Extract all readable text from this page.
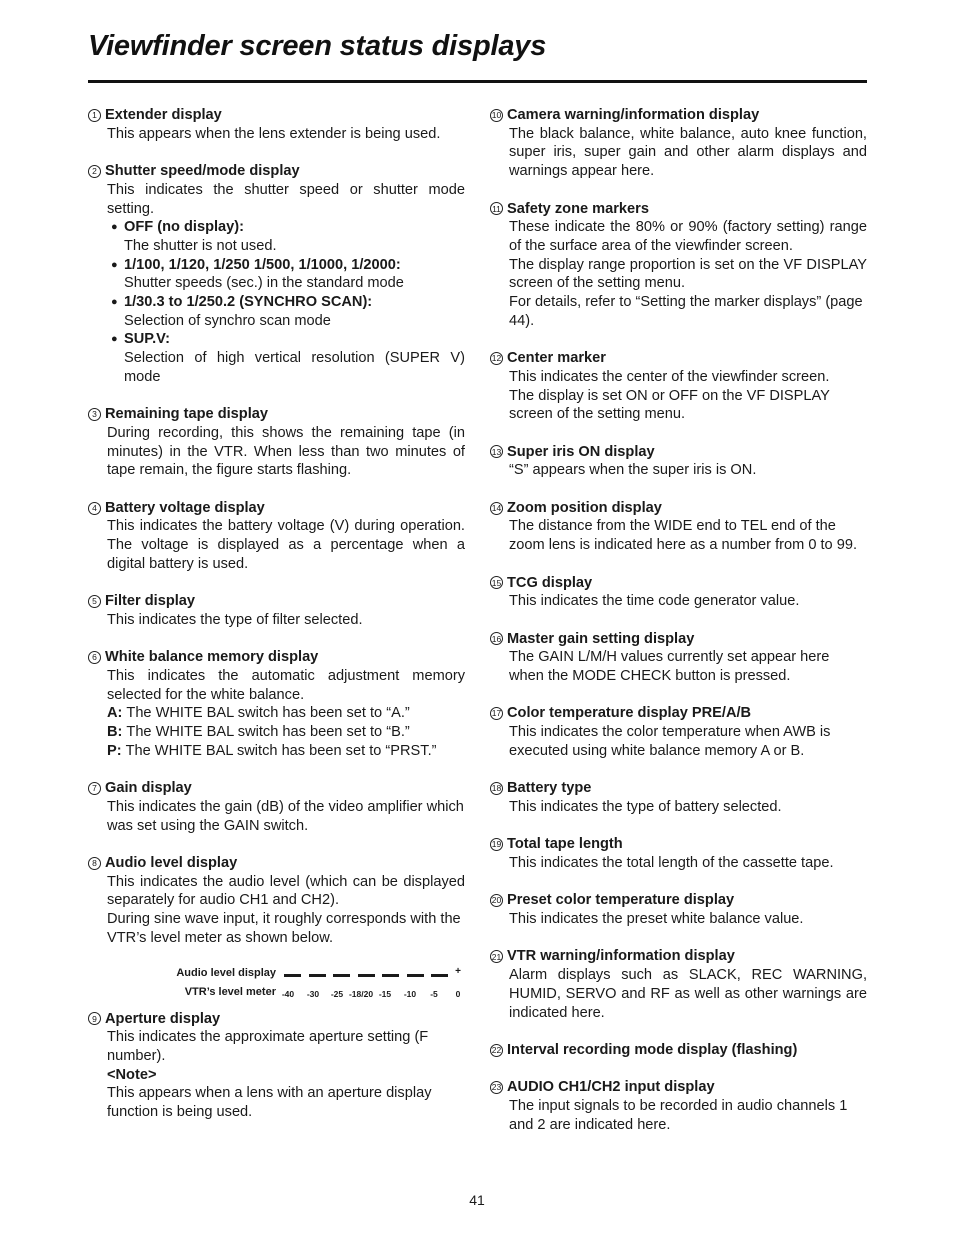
Viewfinder screen status displays
1 Extender display
This appears when the lens extender is being used.
2 Shutter speed/mode display
This indicates the shutter speed or shutter mode setting.
● OFF (no display):
The shutter is not used.
● 1/100, 1/120, 1/250 1/500, 1/1000, 1/2000:
Shutter speeds (sec.) in the standard mode
● 1/30.3 to 1/250.2 (SYNCHRO SCAN):
Selection of synchro scan mode
● SUP.V:
Selection of high vertical resolution (SUPER V) mode
3 Remaining tape display
During recording, this shows the remaining tape (in minutes) in the VTR. When less than two minutes of tape remain, the figure starts flashing.
4 Battery voltage display
This indicates the battery voltage (V) during operation. The voltage is displayed as a percentage when a digital battery is used.
5 Filter display
This indicates the type of filter selected.
6 White balance memory display
This indicates the automatic adjustment memory selected for the white balance.
A: The WHITE BAL switch has been set to “A.”
B: The WHITE BAL switch has been set to “B.”
P: The WHITE BAL switch has been set to “PRST.”
7 Gain display
This indicates the gain (dB) of the video amplifier which was set using the GAIN switch.
8 Audio level display
This indicates the audio level (which can be displayed separately for audio CH1 and CH2).
During sine wave input, it roughly corresponds with the VTR’s level meter as shown below.
Audio level display
VTR’s level meter -40 -30 -25 -18/20 -15 -10 -5 0
+
9 Aperture display
This indicates the approximate aperture setting (F number).
<Note>
This appears when a lens with an aperture display function is being used.
10 Camera warning/information display
The black balance, white balance, auto knee function, super iris, super gain and other alarm displays and warnings appear here.
11 Safety zone markers
These indicate the 80% or 90% (factory setting) range of the surface area of the viewfinder screen.
The display range proportion is set on the VF DISPLAY screen of the setting menu.
For details, refer to “Setting the marker displays” (page 44).
12 Center marker
This indicates the center of the viewfinder screen.
The display is set ON or OFF on the VF DISPLAY screen of the setting menu.
13 Super iris ON display
“S” appears when the super iris is ON.
14 Zoom position display
The distance from the WIDE end to TEL end of the zoom lens is indicated here as a number from 0 to 99.
15 TCG display
This indicates the time code generator value.
16 Master gain setting display
The GAIN L/M/H values currently set appear here when the MODE CHECK button is pressed.
17 Color temperature display PRE/A/B
This indicates the color temperature when AWB is executed using white balance memory A or B.
18 Battery type
This indicates the type of battery selected.
19 Total tape length
This indicates the total length of the cassette tape.
20 Preset color temperature display
This indicates the preset white balance value.
21 VTR warning/information display
Alarm displays such as SLACK, REC WARNING, HUMID, SERVO and RF as well as other warnings are indicated here.
22 Interval recording mode display (flashing)
23 AUDIO CH1/CH2 input display
The input signals to be recorded in audio channels 1 and 2 are indicated here.
41
